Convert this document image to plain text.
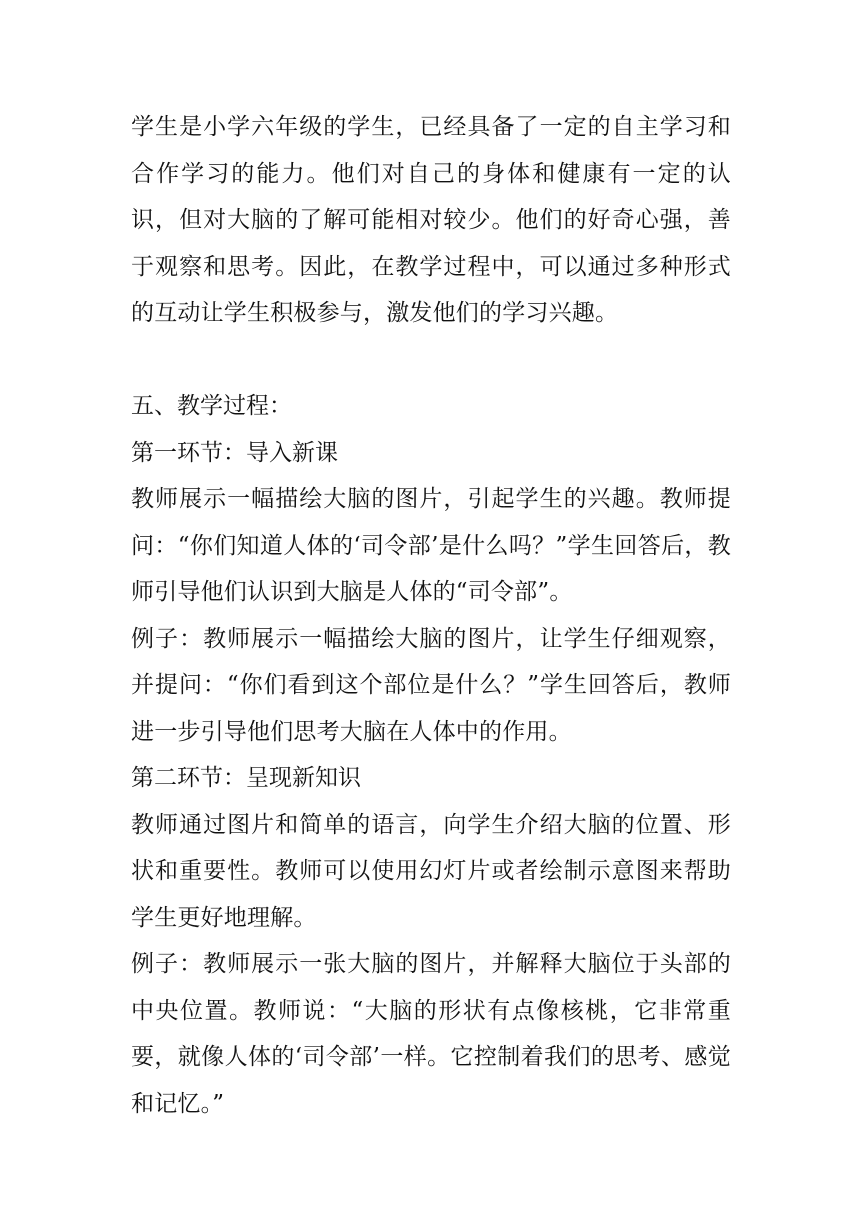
学生是小学六年级的学生，已经具备了一定的自主学习和合作学习的能力。他们对自己的身体和健康有一定的认识，但对大脑的了解可能相对较少。他们的好奇心强，善于观察和思考。因此，在教学过程中，可以通过多种形式的互动让学生积极参与，激发他们的学习兴趣。

五、教学过程：

第一环节：导入新课

教师展示一幅描绘大脑的图片，引起学生的兴趣。教师提问：“你们知道人体的‘司令部’是什么吗？”学生回答后，教师引导他们认识到大脑是人体的“司令部”。

例子：教师展示一幅描绘大脑的图片，让学生仔细观察，并提问：“你们看到这个部位是什么？”学生回答后，教师进一步引导他们思考大脑在人体中的作用。

第二环节：呈现新知识

教师通过图片和简单的语言，向学生介绍大脑的位置、形状和重要性。教师可以使用幻灯片或者绘制示意图来帮助学生更好地理解。

例子：教师展示一张大脑的图片，并解释大脑位于头部的中央位置。教师说：“大脑的形状有点像核桃，它非常重要，就像人体的‘司令部’一样。它控制着我们的思考、感觉和记忆。”
